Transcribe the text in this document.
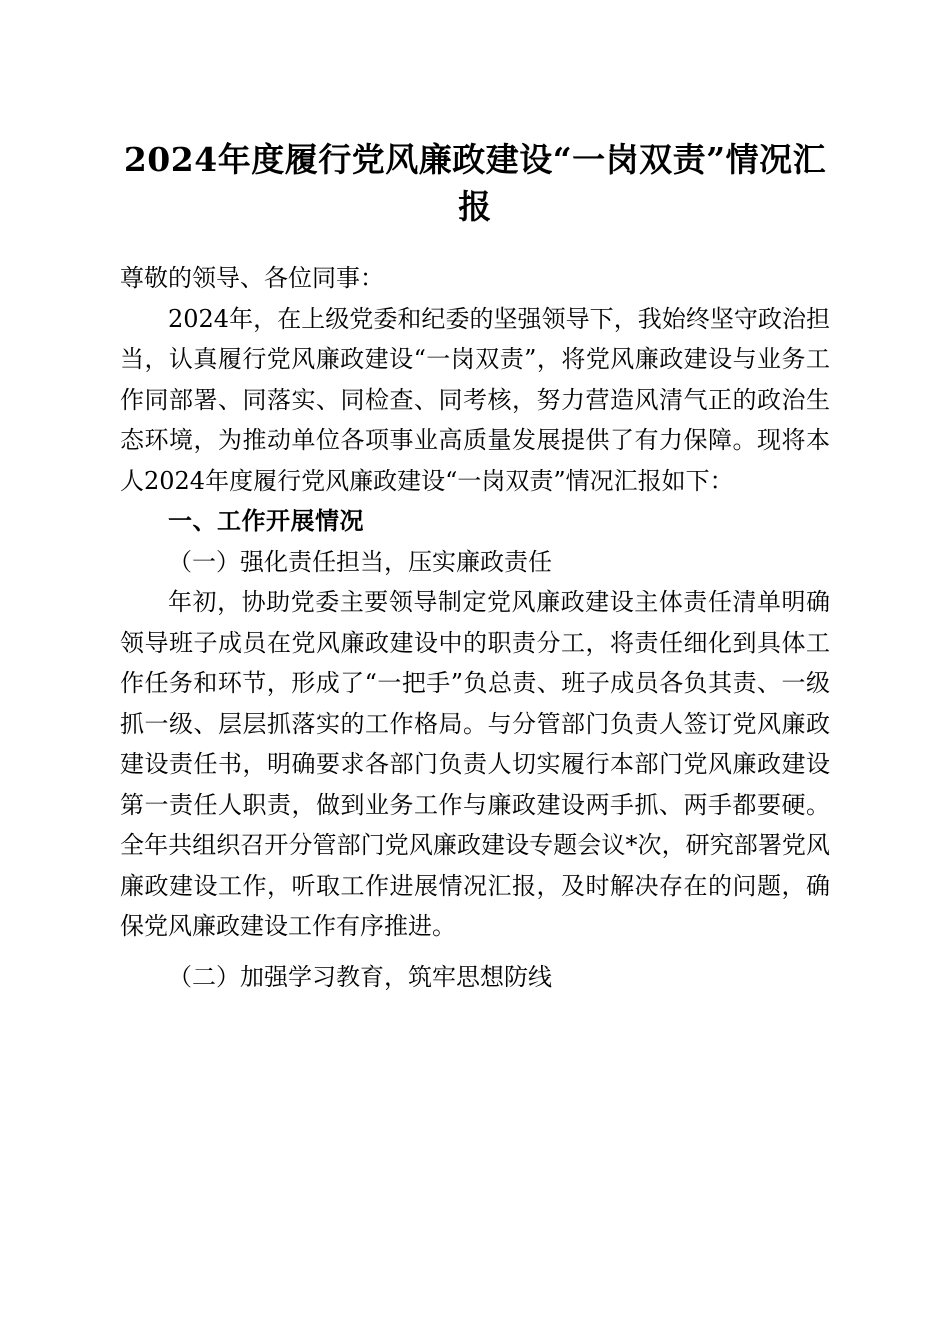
2024年度履行党风廉政建设“一岗双责”情况汇报

尊敬的领导、各位同事：

2024年，在上级党委和纪委的坚强领导下，我始终坚守政治担当，认真履行党风廉政建设“一岗双责”，将党风廉政建设与业务工作同部署、同落实、同检查、同考核，努力营造风清气正的政治生态环境，为推动单位各项事业高质量发展提供了有力保障。现将本人2024年度履行党风廉政建设“一岗双责”情况汇报如下：

一、工作开展情况

（一）强化责任担当，压实廉政责任

年初，协助党委主要领导制定党风廉政建设主体责任清单明确领导班子成员在党风廉政建设中的职责分工，将责任细化到具体工作任务和环节，形成了“一把手”负总责、班子成员各负其责、一级抓一级、层层抓落实的工作格局。与分管部门负责人签订党风廉政建设责任书，明确要求各部门负责人切实履行本部门党风廉政建设第一责任人职责，做到业务工作与廉政建设两手抓、两手都要硬。全年共组织召开分管部门党风廉政建设专题会议*次，研究部署党风廉政建设工作，听取工作进展情况汇报，及时解决存在的问题，确保党风廉政建设工作有序推进。

（二）加强学习教育，筑牢思想防线
